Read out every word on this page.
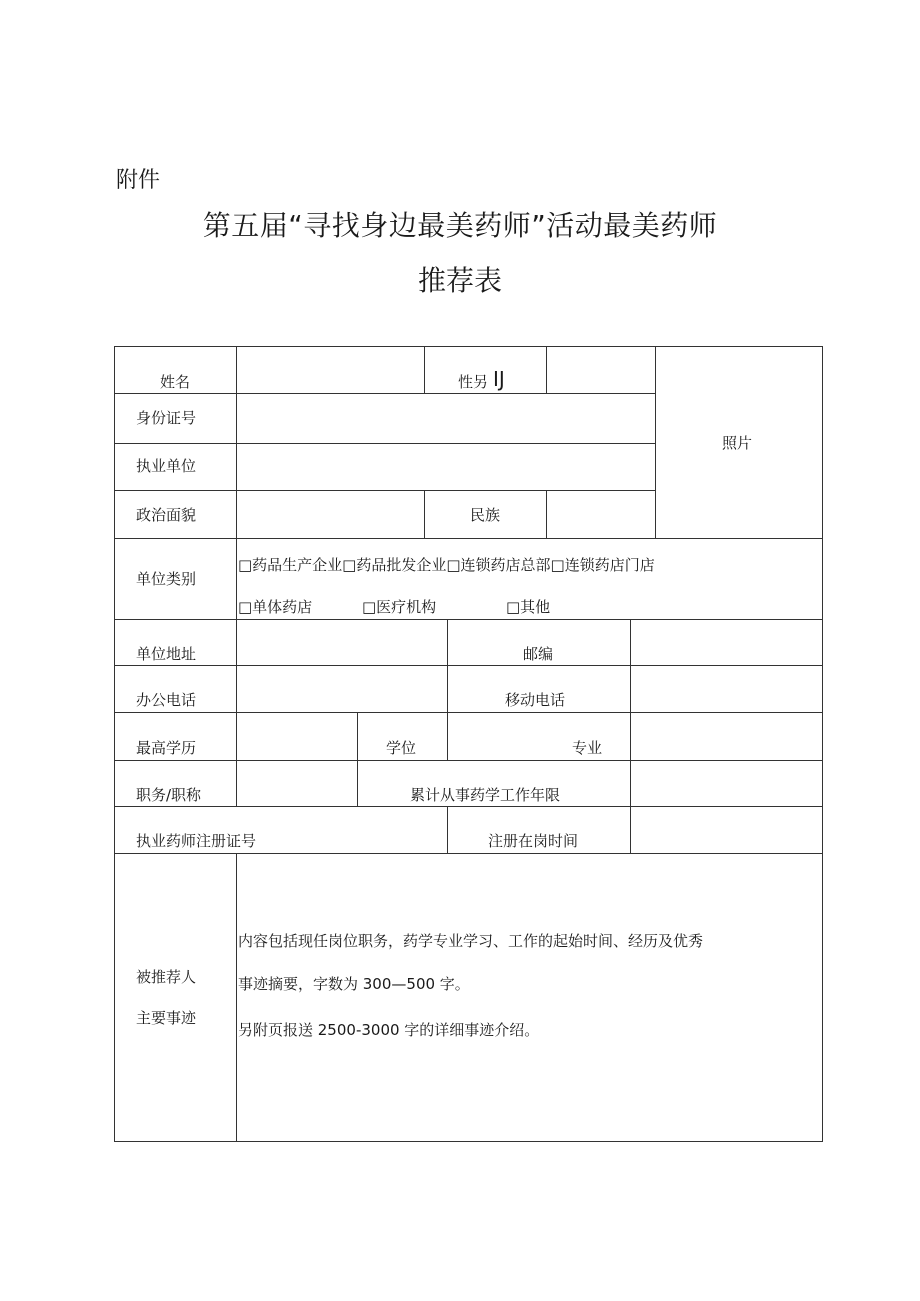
附件
第五届“寻找身边最美药师”活动最美药师
推荐表
姓名	性另 IJ
照片
身份证号
执业单位
政治面貌	民族
单位类别
□药品生产企业□药品批发企业□连锁药店总部□连锁药店门店
□单体药店	□医疗机构	□其他
单位地址	邮编
办公电话	移动电话
最高学历	学位	专业
职务/职称	累计从事药学工作年限
执业药师注册证号	注册在岗时间
被推荐人
主要事迹
内容包括现任岗位职务，药学专业学习、工作的起始时间、经历及优秀
事迹摘要，字数为 300—500 字。
另附页报送 2500-3000 字的详细事迹介绍。
